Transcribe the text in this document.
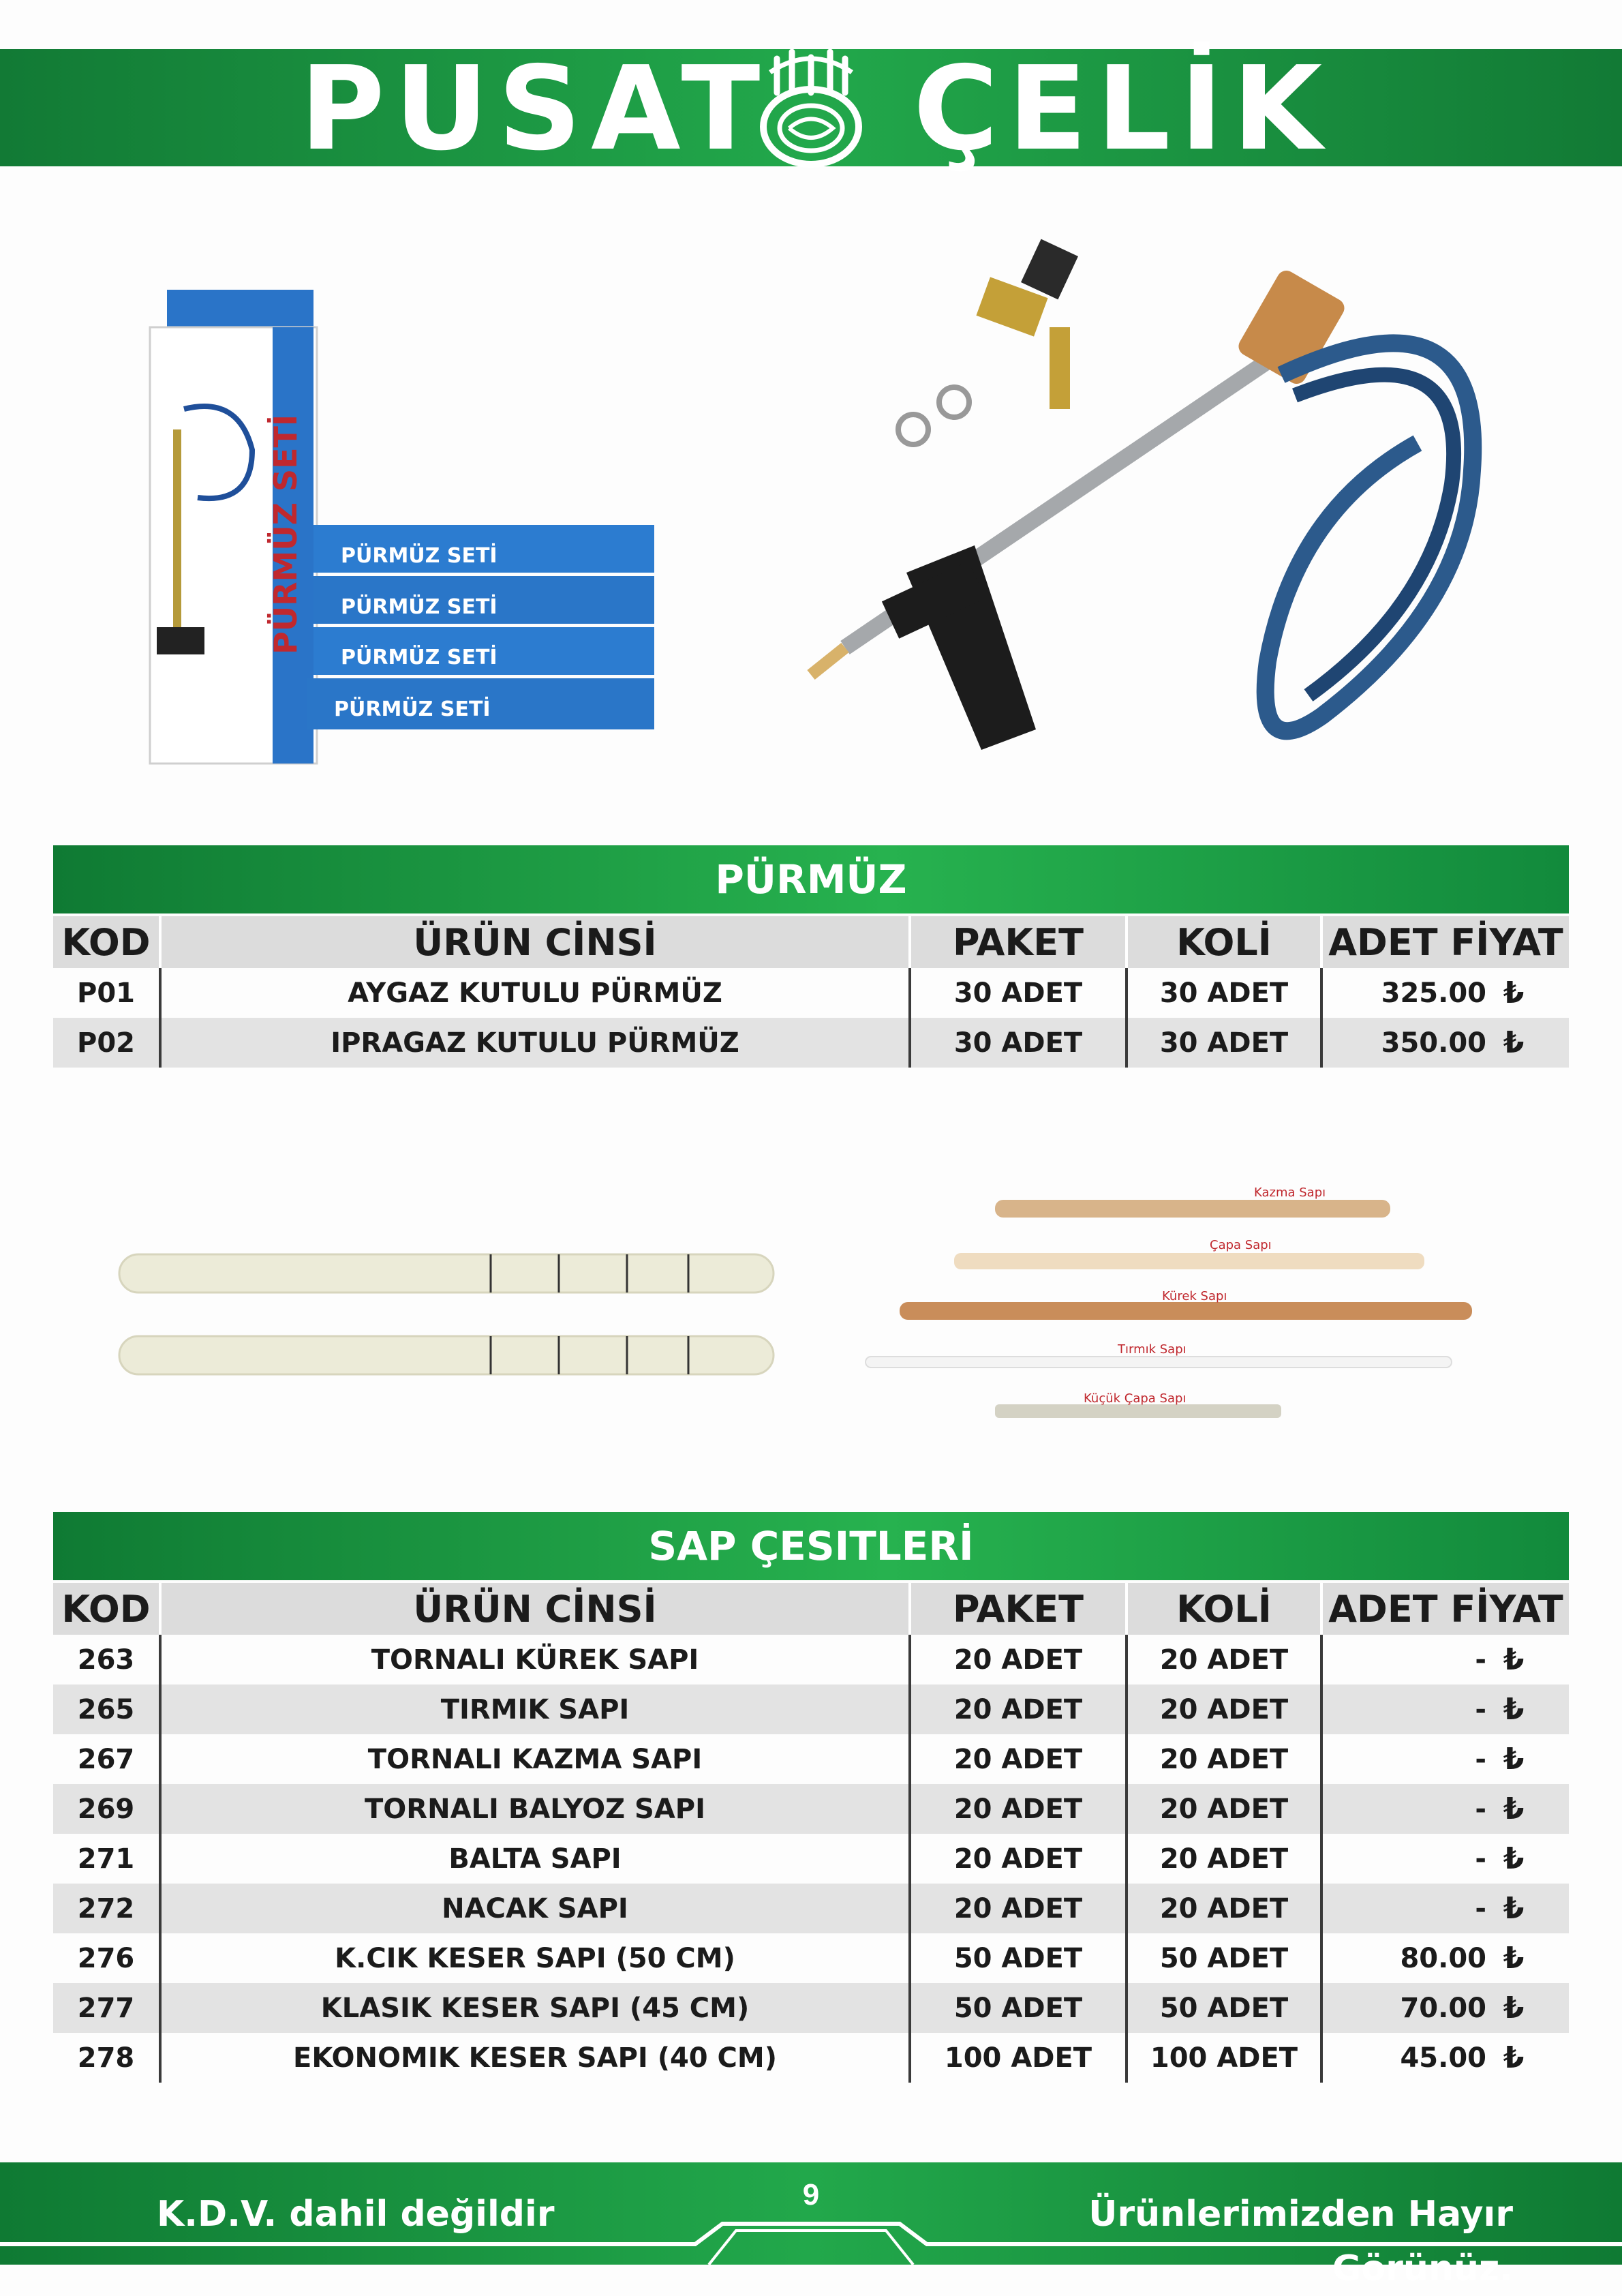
PUSAT ÇELİK
PÜRMÜZ SETİ
PÜRMÜZ SETİ
PÜRMÜZ SETİ
PÜRMÜZ SETİ
PÜRMÜZ SETİ
PÜRMÜZ
KOD	ÜRÜN CİNSİ	PAKET	KOLİ	ADET FİYAT
P01	AYGAZ KUTULU PÜRMÜZ	30 ADET	30 ADET	325.00 ₺
P02	IPRAGAZ KUTULU PÜRMÜZ	30 ADET	30 ADET	350.00 ₺
Kazma Sapı
Çapa Sapı
Kürek Sapı
Tırmık Sapı
Küçük Çapa Sapı
SAP ÇESITLERİ
KOD	ÜRÜN CİNSİ	PAKET	KOLİ	ADET FİYAT
263	TORNALI KÜREK SAPI	20 ADET	20 ADET	- ₺
265	TIRMIK SAPI	20 ADET	20 ADET	- ₺
267	TORNALI KAZMA SAPI	20 ADET	20 ADET	- ₺
269	TORNALI BALYOZ SAPI	20 ADET	20 ADET	- ₺
271	BALTA SAPI	20 ADET	20 ADET	- ₺
272	NACAK SAPI	20 ADET	20 ADET	- ₺
276	K.CIK KESER SAPI (50 CM)	50 ADET	50 ADET	80.00 ₺
277	KLASIK KESER SAPI (45 CM)	50 ADET	50 ADET	70.00 ₺
278	EKONOMIK KESER SAPI (40 CM)	100 ADET	100 ADET	45.00 ₺
K.D.V. dahil değildir	9	Ürünlerimizden Hayır Görünüz.
